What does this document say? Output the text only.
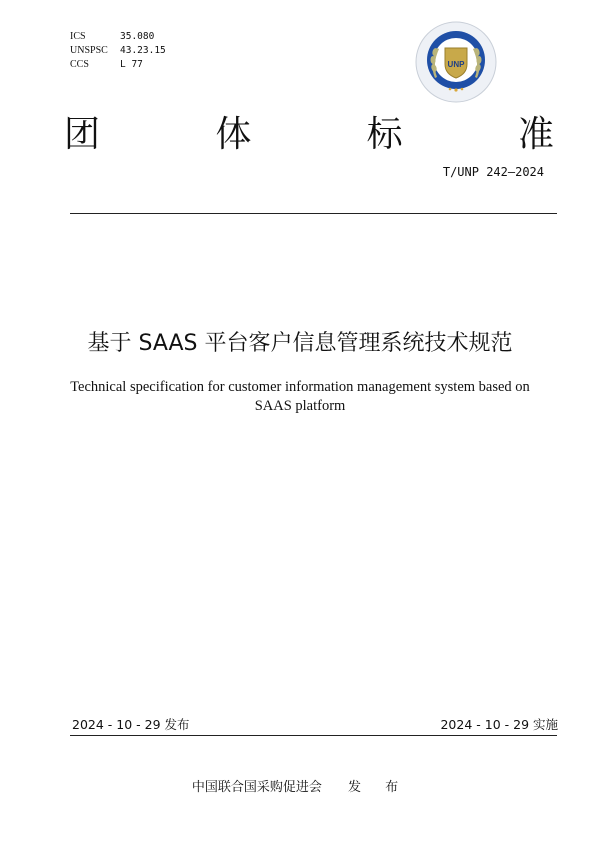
ICS	35.080
UNSPSC	43.23.15
CCS	L 77	UNP
团	体	标	准
T/UNP 242—2024
基于 SAAS 平台客户信息管理系统技术规范
Technical specification for customer information management system based on
SAAS platform
2024 - 10 - 29 发布	2024 - 10 - 29 实施
中国联合国采购促进会 发 布
